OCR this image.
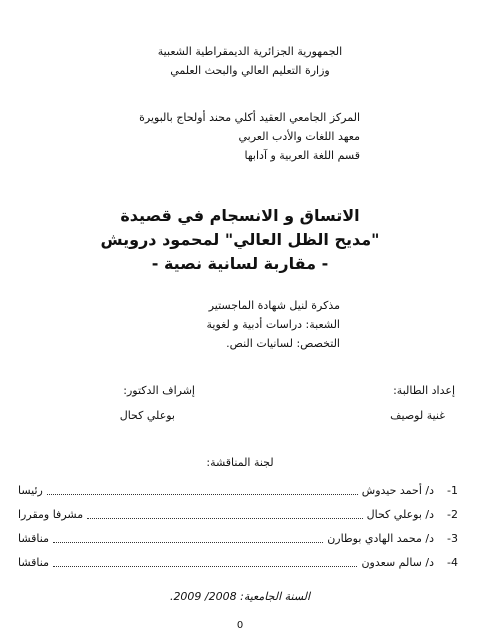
الجمهورية الجزائرية الديمقراطية الشعبية
وزارة التعليم العالي والبحث العلمي
المركز الجامعي العقيد أكلي محند أولحاج بالبويرة
معهد اللغات والأدب العربي
قسم اللغة العربية و آدابها
الاتساق و الانسجام في قصيدة
"مديح الظل العالي" لمحمود درويش
- مقاربة لسانية نصية -
مذكرة لنيل شهادة الماجستير
الشعبة: دراسات أدبية و لغوية
التخصص: لسانيات النص.
إعداد الطالبة:
غنية لوصيف
إشراف الدكتور:
بوعلي كحال
لجنة المناقشة:
1-
د/ أحمد حيدوش
رئيسا
2-
د/ بوعلي كحال
مشرفا ومقررا
3-
د/ محمد الهادي بوطارن
مناقشا
4-
د/ سالم سعدون
مناقشا
السنة الجامعية: 2008/ 2009.
0
